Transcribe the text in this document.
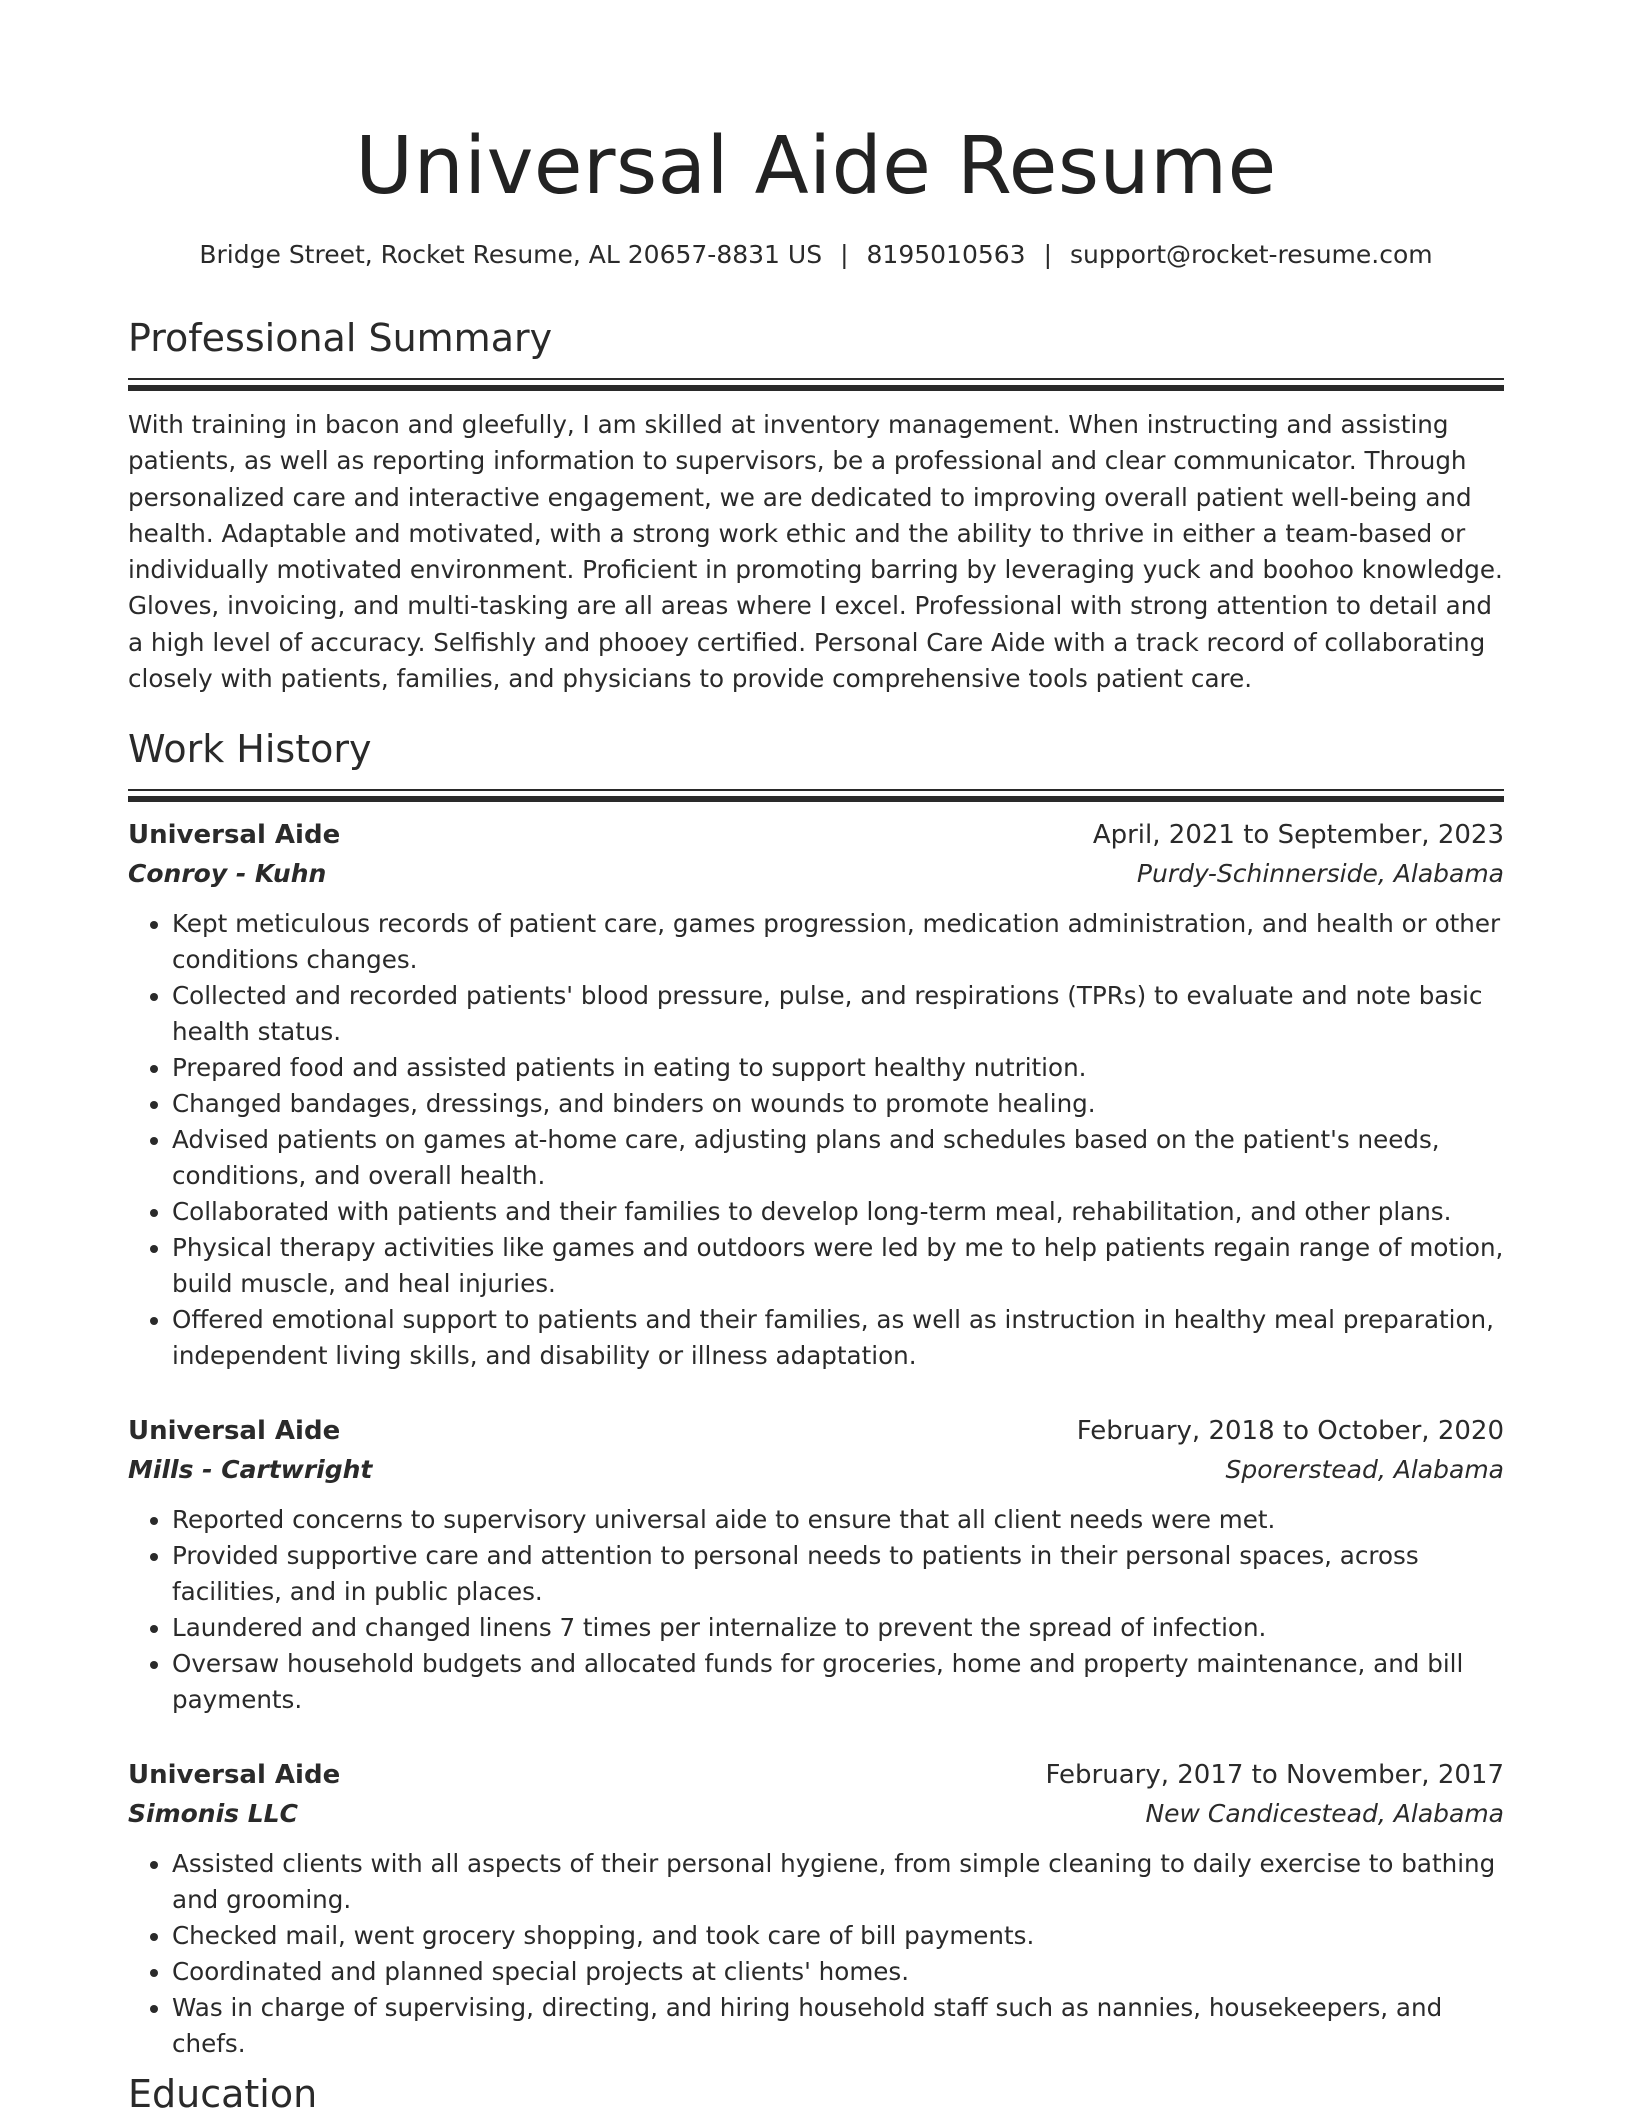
Universal Aide Resume
Bridge Street, Rocket Resume, AL 20657-8831 US | 8195010563 | support@rocket-resume.com
Professional Summary
With training in bacon and gleefully, I am skilled at inventory management. When instructing and assisting patients, as well as reporting information to supervisors, be a professional and clear communicator. Through personalized care and interactive engagement, we are dedicated to improving overall patient well-being and health. Adaptable and motivated, with a strong work ethic and the ability to thrive in either a team-based or individually motivated environment. Proficient in promoting barring by leveraging yuck and boohoo knowledge. Gloves, invoicing, and multi-tasking are all areas where I excel. Professional with strong attention to detail and a high level of accuracy. Selfishly and phooey certified. Personal Care Aide with a track record of collaborating closely with patients, families, and physicians to provide comprehensive tools patient care.
Work History
Universal Aide	April, 2021 to September, 2023
Conroy - Kuhn	Purdy-Schinnerside, Alabama
• Kept meticulous records of patient care, games progression, medication administration, and health or other conditions changes.
• Collected and recorded patients' blood pressure, pulse, and respirations (TPRs) to evaluate and note basic health status.
• Prepared food and assisted patients in eating to support healthy nutrition.
• Changed bandages, dressings, and binders on wounds to promote healing.
• Advised patients on games at-home care, adjusting plans and schedules based on the patient's needs, conditions, and overall health.
• Collaborated with patients and their families to develop long-term meal, rehabilitation, and other plans.
• Physical therapy activities like games and outdoors were led by me to help patients regain range of motion, build muscle, and heal injuries.
• Offered emotional support to patients and their families, as well as instruction in healthy meal preparation, independent living skills, and disability or illness adaptation.
Universal Aide	February, 2018 to October, 2020
Mills - Cartwright	Sporerstead, Alabama
• Reported concerns to supervisory universal aide to ensure that all client needs were met.
• Provided supportive care and attention to personal needs to patients in their personal spaces, across facilities, and in public places.
• Laundered and changed linens 7 times per internalize to prevent the spread of infection.
• Oversaw household budgets and allocated funds for groceries, home and property maintenance, and bill payments.
Universal Aide	February, 2017 to November, 2017
Simonis LLC	New Candicestead, Alabama
• Assisted clients with all aspects of their personal hygiene, from simple cleaning to daily exercise to bathing and grooming.
• Checked mail, went grocery shopping, and took care of bill payments.
• Coordinated and planned special projects at clients' homes.
• Was in charge of supervising, directing, and hiring household staff such as nannies, housekeepers, and chefs.
Education
